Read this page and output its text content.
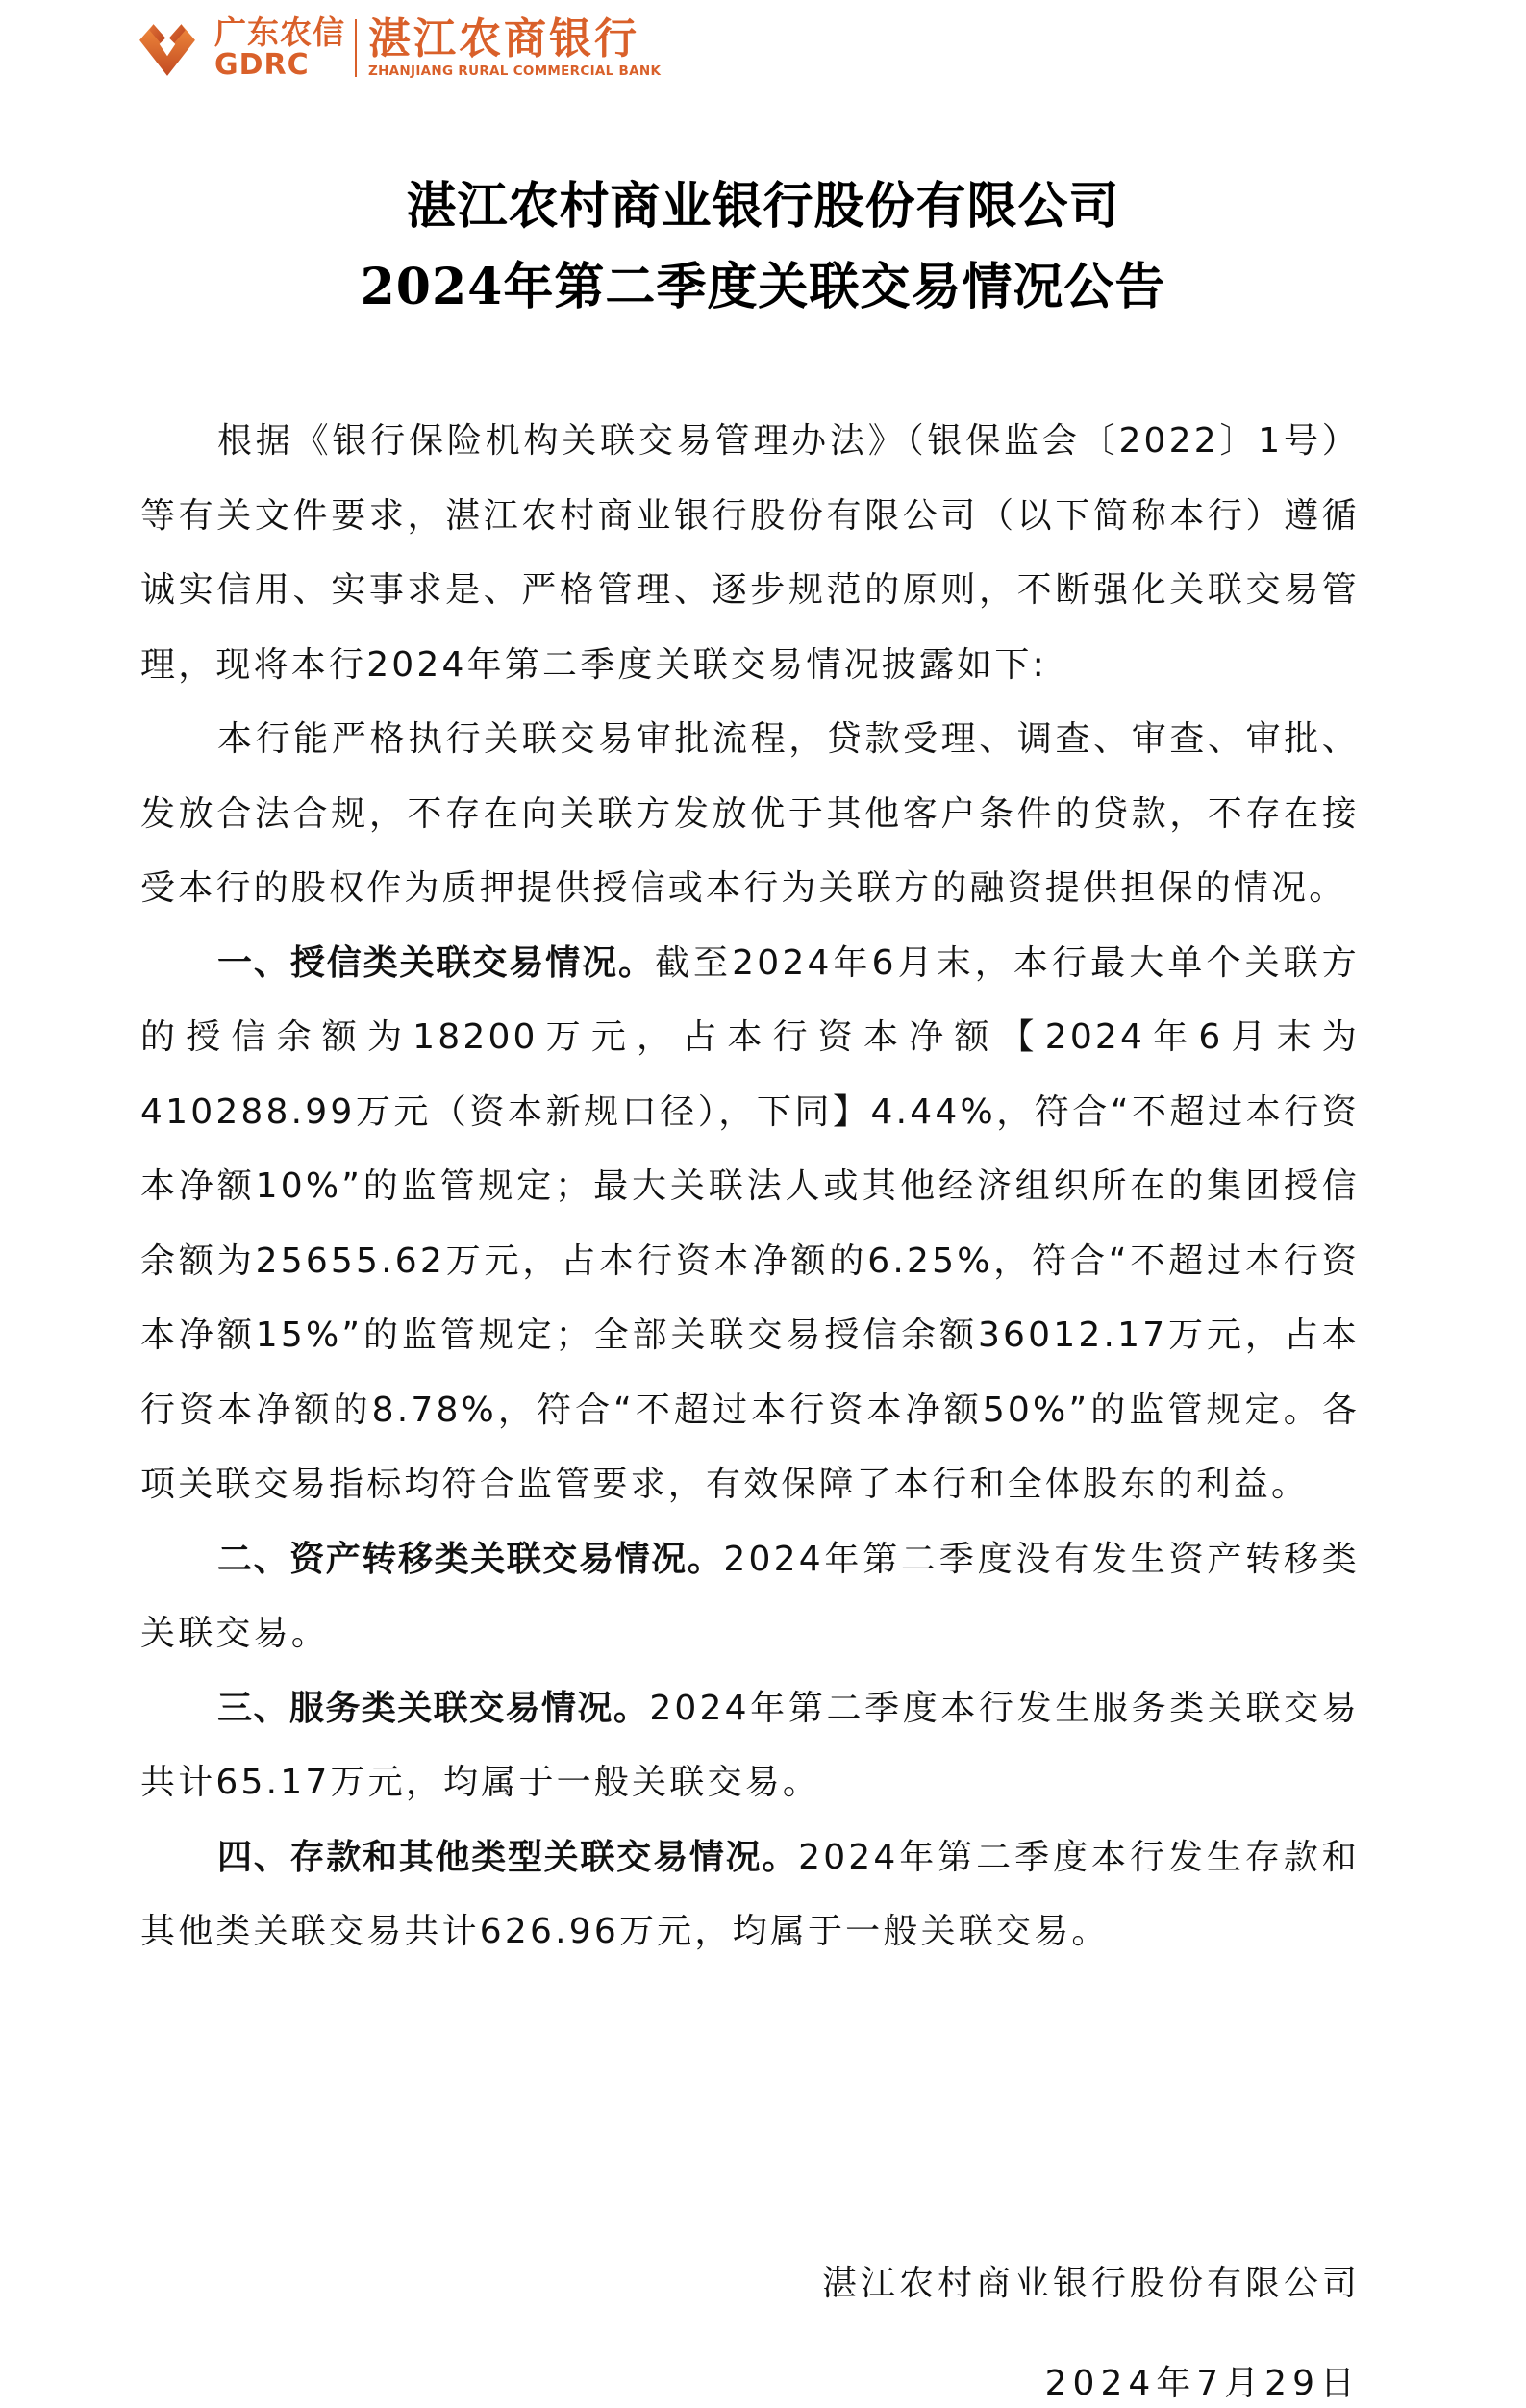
广东农信
GDRC
湛江农商银行
ZHANJIANG RURAL COMMERCIAL BANK
湛江农村商业银行股份有限公司
2024年第二季度关联交易情况公告

根据《银行保险机构关联交易管理办法》（银保监会〔2022〕1号）等有关文件要求，湛江农村商业银行股份有限公司（以下简称本行）遵循诚实信用、实事求是、严格管理、逐步规范的原则，不断强化关联交易管理，现将本行2024年第二季度关联交易情况披露如下:

本行能严格执行关联交易审批流程，贷款受理、调查、审查、审批、发放合法合规，不存在向关联方发放优于其他客户条件的贷款，不存在接受本行的股权作为质押提供授信或本行为关联方的融资提供担保的情况。

一、授信类关联交易情况。截至2024年6月末，本行最大单个关联方的授信余额为18200万元，占本行资本净额【2024年6月末为410288.99万元（资本新规口径），下同】4.44%，符合“不超过本行资本净额10%”的监管规定；最大关联法人或其他经济组织所在的集团授信余额为25655.62万元，占本行资本净额的6.25%，符合“不超过本行资本净额15%”的监管规定；全部关联交易授信余额36012.17万元，占本行资本净额的8.78%，符合“不超过本行资本净额50%”的监管规定。各项关联交易指标均符合监管要求，有效保障了本行和全体股东的利益。

二、资产转移类关联交易情况。2024年第二季度没有发生资产转移类关联交易。

三、服务类关联交易情况。2024年第二季度本行发生服务类关联交易共计65.17万元，均属于一般关联交易。

四、存款和其他类型关联交易情况。2024年第二季度本行发生存款和其他类关联交易共计626.96万元，均属于一般关联交易。

湛江农村商业银行股份有限公司
2024年7月29日
